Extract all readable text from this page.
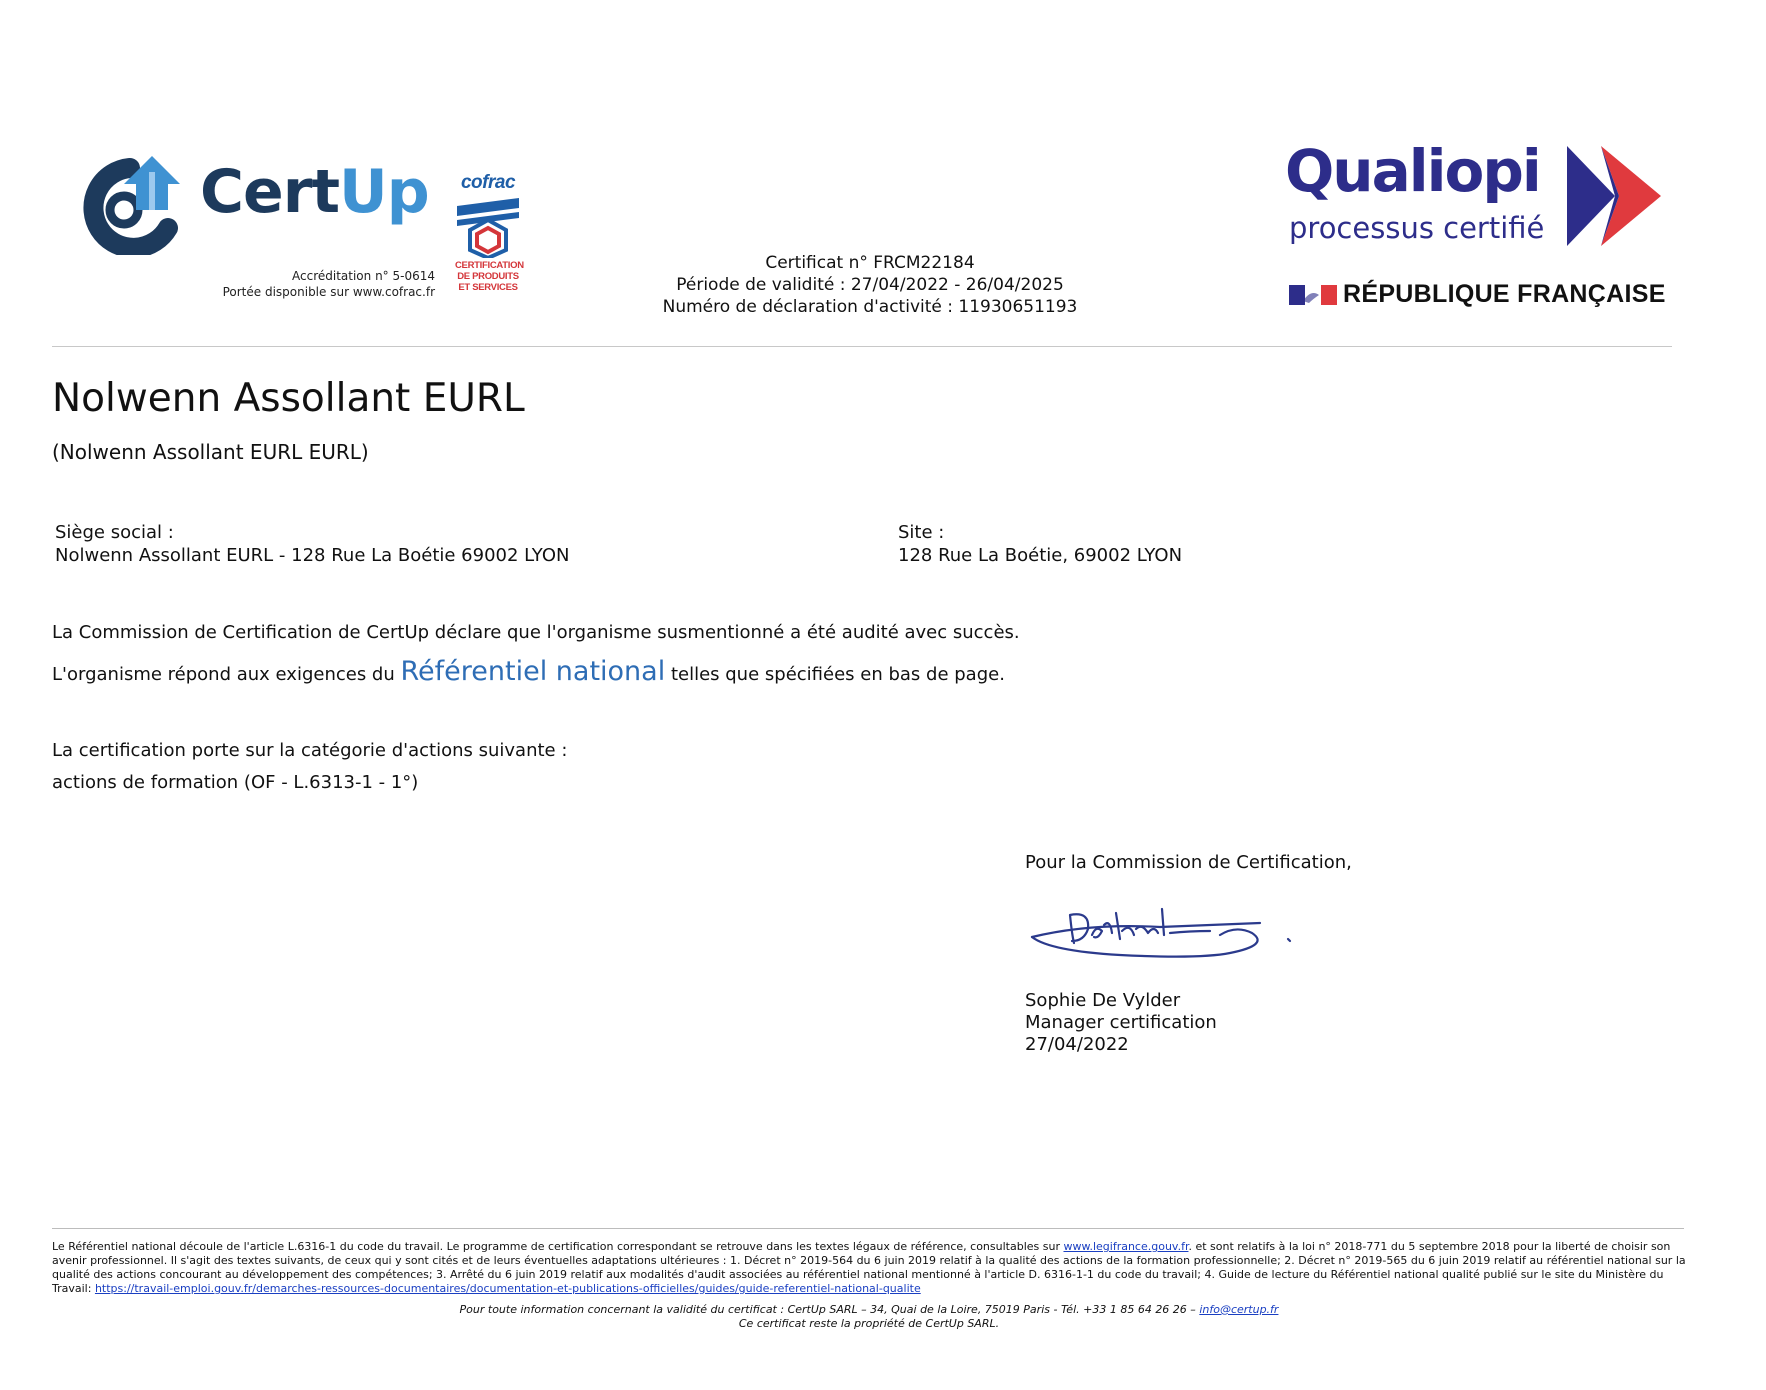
CertUp
Accréditation n° 5-0614
Portée disponible sur www.cofrac.fr
cofrac
CERTIFICATION
DE PRODUITS
ET SERVICES
Certificat n° FRCM22184
Période de validité : 27/04/2022 - 26/04/2025
Numéro de déclaration d'activité : 11930651193
Qualiopi
processus certifié
RÉPUBLIQUE FRANÇAISE
Nolwenn Assollant EURL
(Nolwenn Assollant EURL EURL)
Siège social :
Nolwenn Assollant EURL - 128 Rue La Boétie 69002 LYON
Site :
128 Rue La Boétie, 69002 LYON
La Commission de Certification de CertUp déclare que l'organisme susmentionné a été audité avec succès.
L'organisme répond aux exigences du Référentiel national telles que spécifiées en bas de page.
La certification porte sur la catégorie d'actions suivante :
actions de formation (OF - L.6313-1 - 1°)
Pour la Commission de Certification,
Sophie De Vylder
Manager certification
27/04/2022
Le Référentiel national découle de l'article L.6316-1 du code du travail. Le programme de certification correspondant se retrouve dans les textes légaux de référence, consultables sur www.legifrance.gouv.fr. et sont relatifs à la loi n° 2018-771 du 5 septembre 2018 pour la liberté de choisir son avenir professionnel. Il s'agit des textes suivants, de ceux qui y sont cités et de leurs éventuelles adaptations ultérieures : 1. Décret n° 2019-564 du 6 juin 2019 relatif à la qualité des actions de la formation professionnelle; 2. Décret n° 2019-565 du 6 juin 2019 relatif au référentiel national sur la qualité des actions concourant au développement des compétences; 3. Arrêté du 6 juin 2019 relatif aux modalités d'audit associées au référentiel national mentionné à l'article D. 6316-1-1 du code du travail; 4. Guide de lecture du Référentiel national qualité publié sur le site du Ministère du Travail: https://travail-emploi.gouv.fr/demarches-ressources-documentaires/documentation-et-publications-officielles/guides/guide-referentiel-national-qualite
Pour toute information concernant la validité du certificat : CertUp SARL – 34, Quai de la Loire, 75019 Paris - Tél. +33 1 85 64 26 26 – info@certup.fr
Ce certificat reste la propriété de CertUp SARL.
